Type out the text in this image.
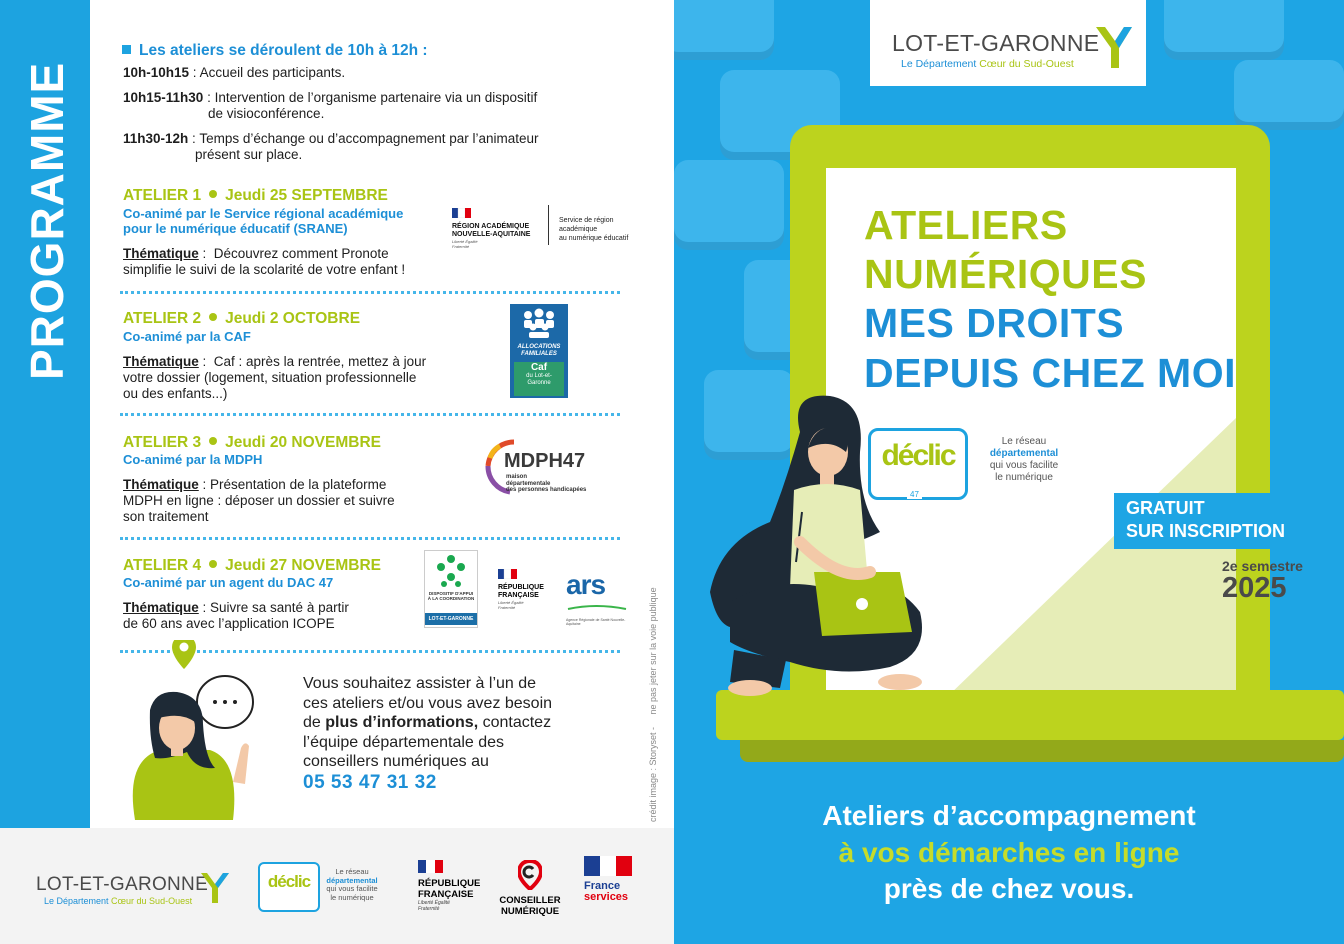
PROGRAMME
Les ateliers se déroulent de 10h à 12h :
10h-10h15 : Accueil des participants.
10h15-11h30 : Intervention de l’organisme partenaire via un dispositif
de visioconférence.
11h30-12h : Temps d’échange ou d’accompagnement par l’animateur
présent sur place.
ATELIER 1 Jeudi 25 SEPTEMBRE
Co-animé par le Service régional académique
pour le numérique éducatif (SRANE)
Thématique :  Découvrez comment Pronote
simplifie le suivi de la scolarité de votre enfant !
RÉGION ACADÉMIQUE
NOUVELLE-AQUITAINE
Liberté Égalité Fraternité
Service de région académique
au numérique éducatif
ATELIER 2 Jeudi 2 OCTOBRE
Co-animé par la CAF
Thématique :  Caf : après la rentrée, mettez à jour
votre dossier (logement, situation professionnelle
ou des enfants...)
ALLOCATIONS
FAMILIALES
Caf
du Lot-et-
Garonne
ATELIER 3 Jeudi 20 NOVEMBRE
Co-animé par la MDPH
Thématique : Présentation de la plateforme
MDPH en ligne : déposer un dossier et suivre
son traitement
MDPH47
maison
départementale
des personnes handicapées
ATELIER 4 Jeudi 27 NOVEMBRE
Co-animé par un agent du DAC 47
Thématique : Suivre sa santé à partir
de 60 ans avec l’application ICOPE
DISPOSITIF D'APPUI
À LA COORDINATION
LOT-ET-GARONNE
RÉPUBLIQUE
FRANÇAISE
Liberté Égalité Fraternité
ars
Agence Régionale de Santé Nouvelle-Aquitaine
Vous souhaitez assister à l’un de
ces ateliers et/ou vous avez besoin
de plus d’informations, contactez
l’équipe départementale des
conseillers numériques au
05 53 47 31 32	crédit image : Storyset -     ne pas jeter sur la voie publique
LOT-ET-GARONNE
Le Département Cœur du Sud-Ouest
déclic
Le réseau
départemental
qui vous facilite
le numérique
RÉPUBLIQUE
FRANÇAISE
Liberté Égalité Fraternité
CONSEILLER
NUMÉRIQUE
France
services
LOT-ET-GARONNE
Le Département Cœur du Sud-Ouest
ATELIERS
NUMÉRIQUES
MES DROITS
DEPUIS CHEZ MOI
déclic
47
Le réseau
départemental
qui vous facilite
le numérique
GRATUIT
SUR INSCRIPTION
2e semestre
2025
Ateliers d’accompagnement
à vos démarches en ligne
près de chez vous.
